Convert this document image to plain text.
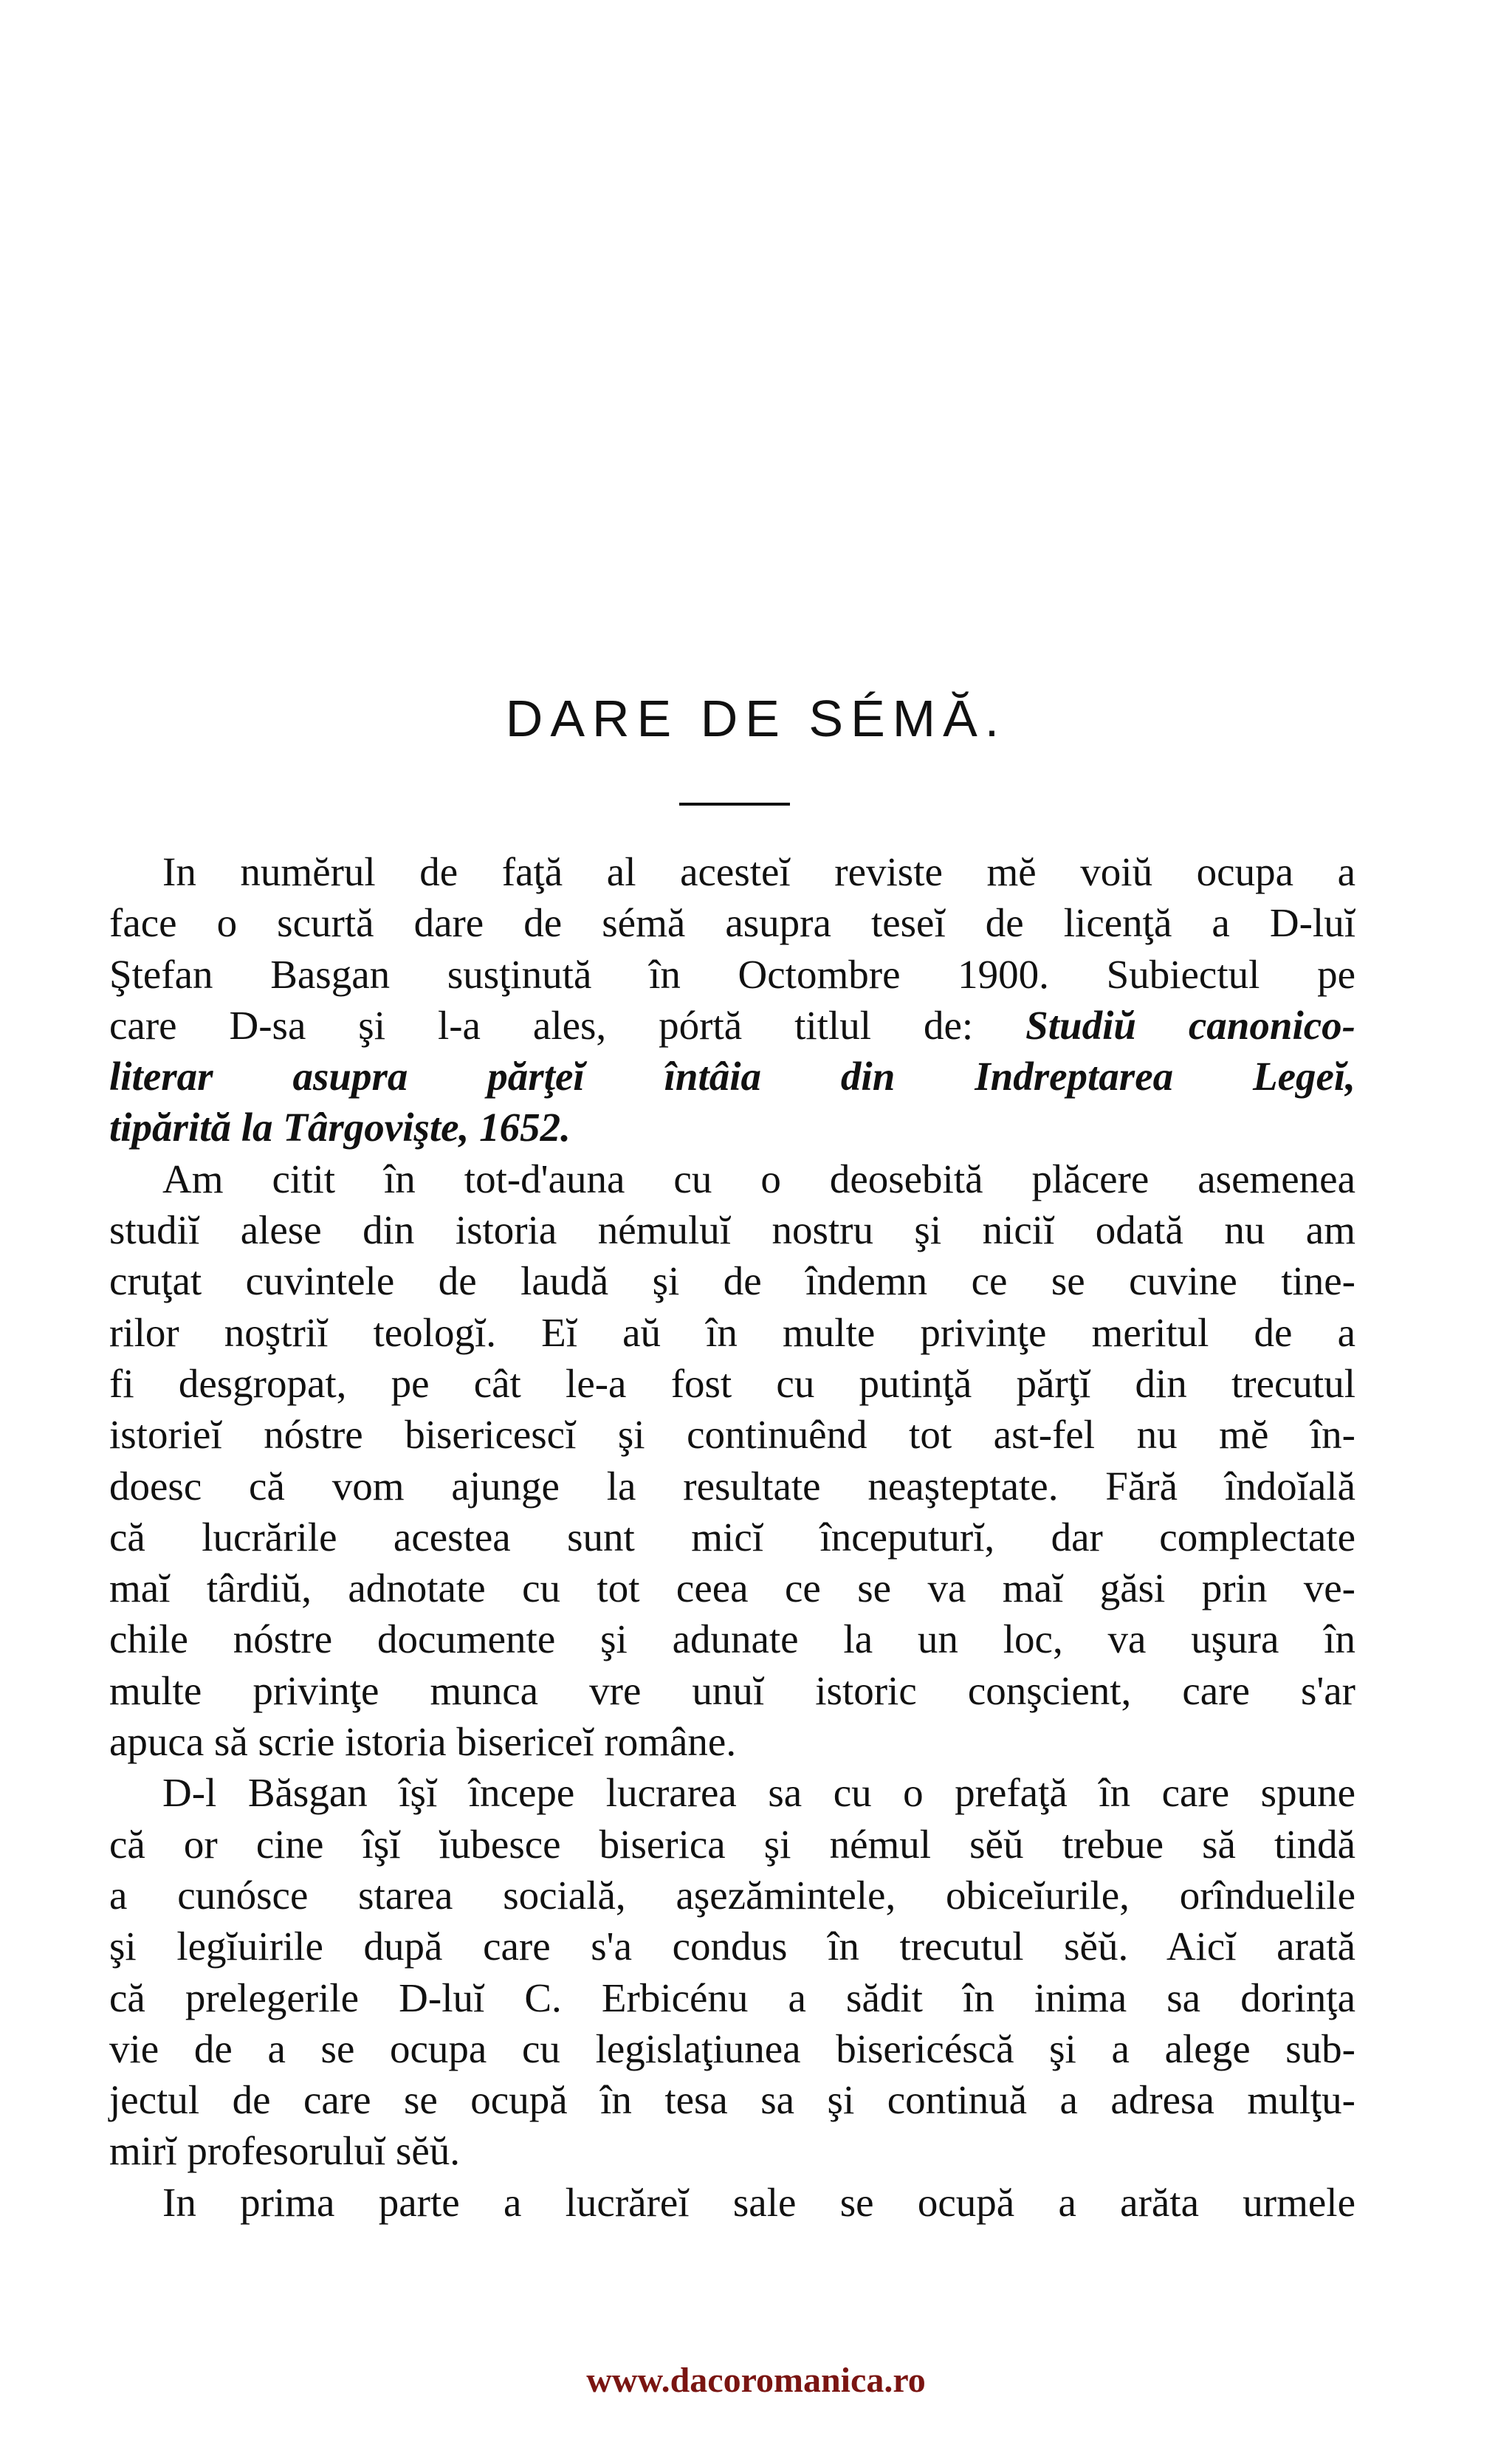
DARE DE SÉMĂ.
In numĕrul de faţă al acesteĭ reviste mĕ voiŭ ocupa a
face o scurtă dare de sémă asupra teseĭ de licenţă a D-luĭ
Ştefan Basgan susţinută în Octombre 1900. Subiectul pe
care D-sa şi l-a ales, pórtă titlul de: Studiŭ canonico-
literar asupra părţeĭ întâia din Indreptarea Legeĭ,
tipărită la Târgovişte, 1652.
Am citit în tot-d'auna cu o deosebită plăcere asemenea
studiĭ alese din istoria némuluĭ nostru şi niciĭ odată nu am
cruţat cuvintele de laudă şi de îndemn ce se cuvine tine-
rilor noştriĭ teologĭ. Eĭ aŭ în multe privinţe meritul de a
fi desgropat, pe cât le-a fost cu putinţă părţĭ din trecutul
istorieĭ nóstre bisericescĭ şi continuênd tot ast-fel nu mĕ în-
doesc că vom ajunge la resultate neaşteptate. Fără îndoĭală
că lucrările acestea sunt micĭ începuturĭ, dar complectate
maĭ târdiŭ, adnotate cu tot ceea ce se va maĭ găsi prin ve-
chile nóstre documente şi adunate la un loc, va uşura în
multe privinţe munca vre unuĭ istoric conşcient, care s'ar
apuca să scrie istoria bisericeĭ române.
D-l Băsgan îşĭ începe lucrarea sa cu o prefaţă în care spune
că or cine îşĭ ĭubesce biserica şi némul sĕŭ trebue să tindă
a cunósce starea socială, aşezămintele, obiceĭurile, orînduelile
şi legĭuirile după care s'a condus în trecutul sĕŭ. Aicĭ arată
că prelegerile D-luĭ C. Erbicénu a sădit în inima sa dorinţa
vie de a se ocupa cu legislaţiunea bisericéscă şi a alege sub-
jectul de care se ocupă în tesa sa şi continuă a adresa mulţu-
mirĭ profesoruluĭ sĕŭ.
In prima parte a lucrăreĭ sale se ocupă a arăta urmele
www.dacoromanica.ro
